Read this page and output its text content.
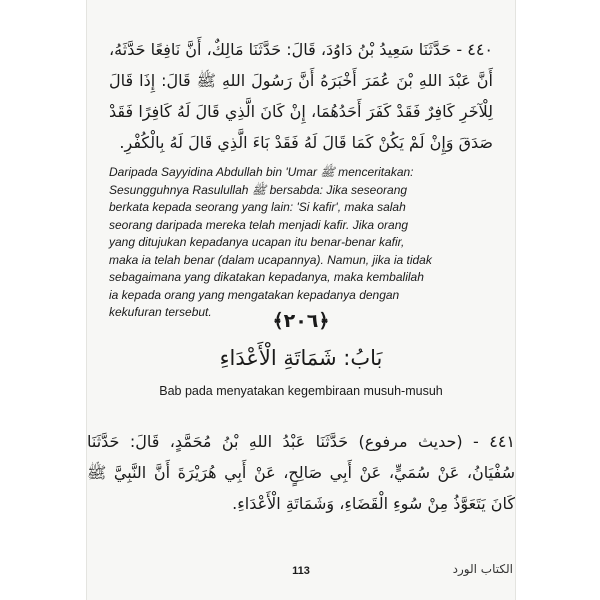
٤٤٠ - حَدَّثَنَا سَعِيدُ بْنُ دَاوُدَ، قَالَ: حَدَّثَنَا مَالِكٌ، أَنَّ نَافِعًا حَدَّثَهُ، أَنَّ عَبْدَ اللهِ بْنَ عُمَرَ أَخْبَرَهُ أَنَّ رَسُولَ اللهِ ﷺ قَالَ: إِذَا قَالَ لِلْآخَرِ كَافِرٌ فَقَدْ كَفَرَ أَحَدُهُمَا، إِنْ كَانَ الَّذِي قَالَ لَهُ كَافِرًا فَقَدْ صَدَقَ وَإِنْ لَمْ يَكُنْ كَمَا قَالَ لَهُ فَقَدْ بَاءَ الَّذِي قَالَ لَهُ بِالْكُفْرِ.

Daripada Sayyidina Abdullah bin 'Umar ﷺ menceritakan:
Sesungguhnya Rasulullah ﷺ bersabda: Jika seseorang
berkata kepada seorang yang lain: 'Si kafir', maka salah
seorang daripada mereka telah menjadi kafir. Jika orang
yang ditujukan kepadanya ucapan itu benar-benar kafir,
maka ia telah benar (dalam ucapannya). Namun, jika ia tidak
sebagaimana yang dikatakan kepadanya, maka kembalilah
ia kepada orang yang mengatakan kepadanya dengan
kekufuran tersebut.	﴿٢٠٦﴾

بَابُ: شَمَاتَةِ الْأَعْدَاءِ

Bab pada menyatakan kegembiraan musuh-musuh

٤٤١ - (حديث مرفوع) حَدَّثَنَا عَبْدُ اللهِ بْنُ مُحَمَّدٍ، قَالَ: حَدَّثَنَا سُفْيَانُ، عَنْ سُمَيٍّ، عَنْ أَبِي صَالِحٍ، عَنْ أَبِي هُرَيْرَةَ أَنَّ النَّبِيَّ ﷺ كَانَ يَتَعَوَّذُ مِنْ سُوءِ الْقَضَاءِ، وَشَمَاتَةِ الْأَعْدَاءِ.

113	الكتاب الورد
